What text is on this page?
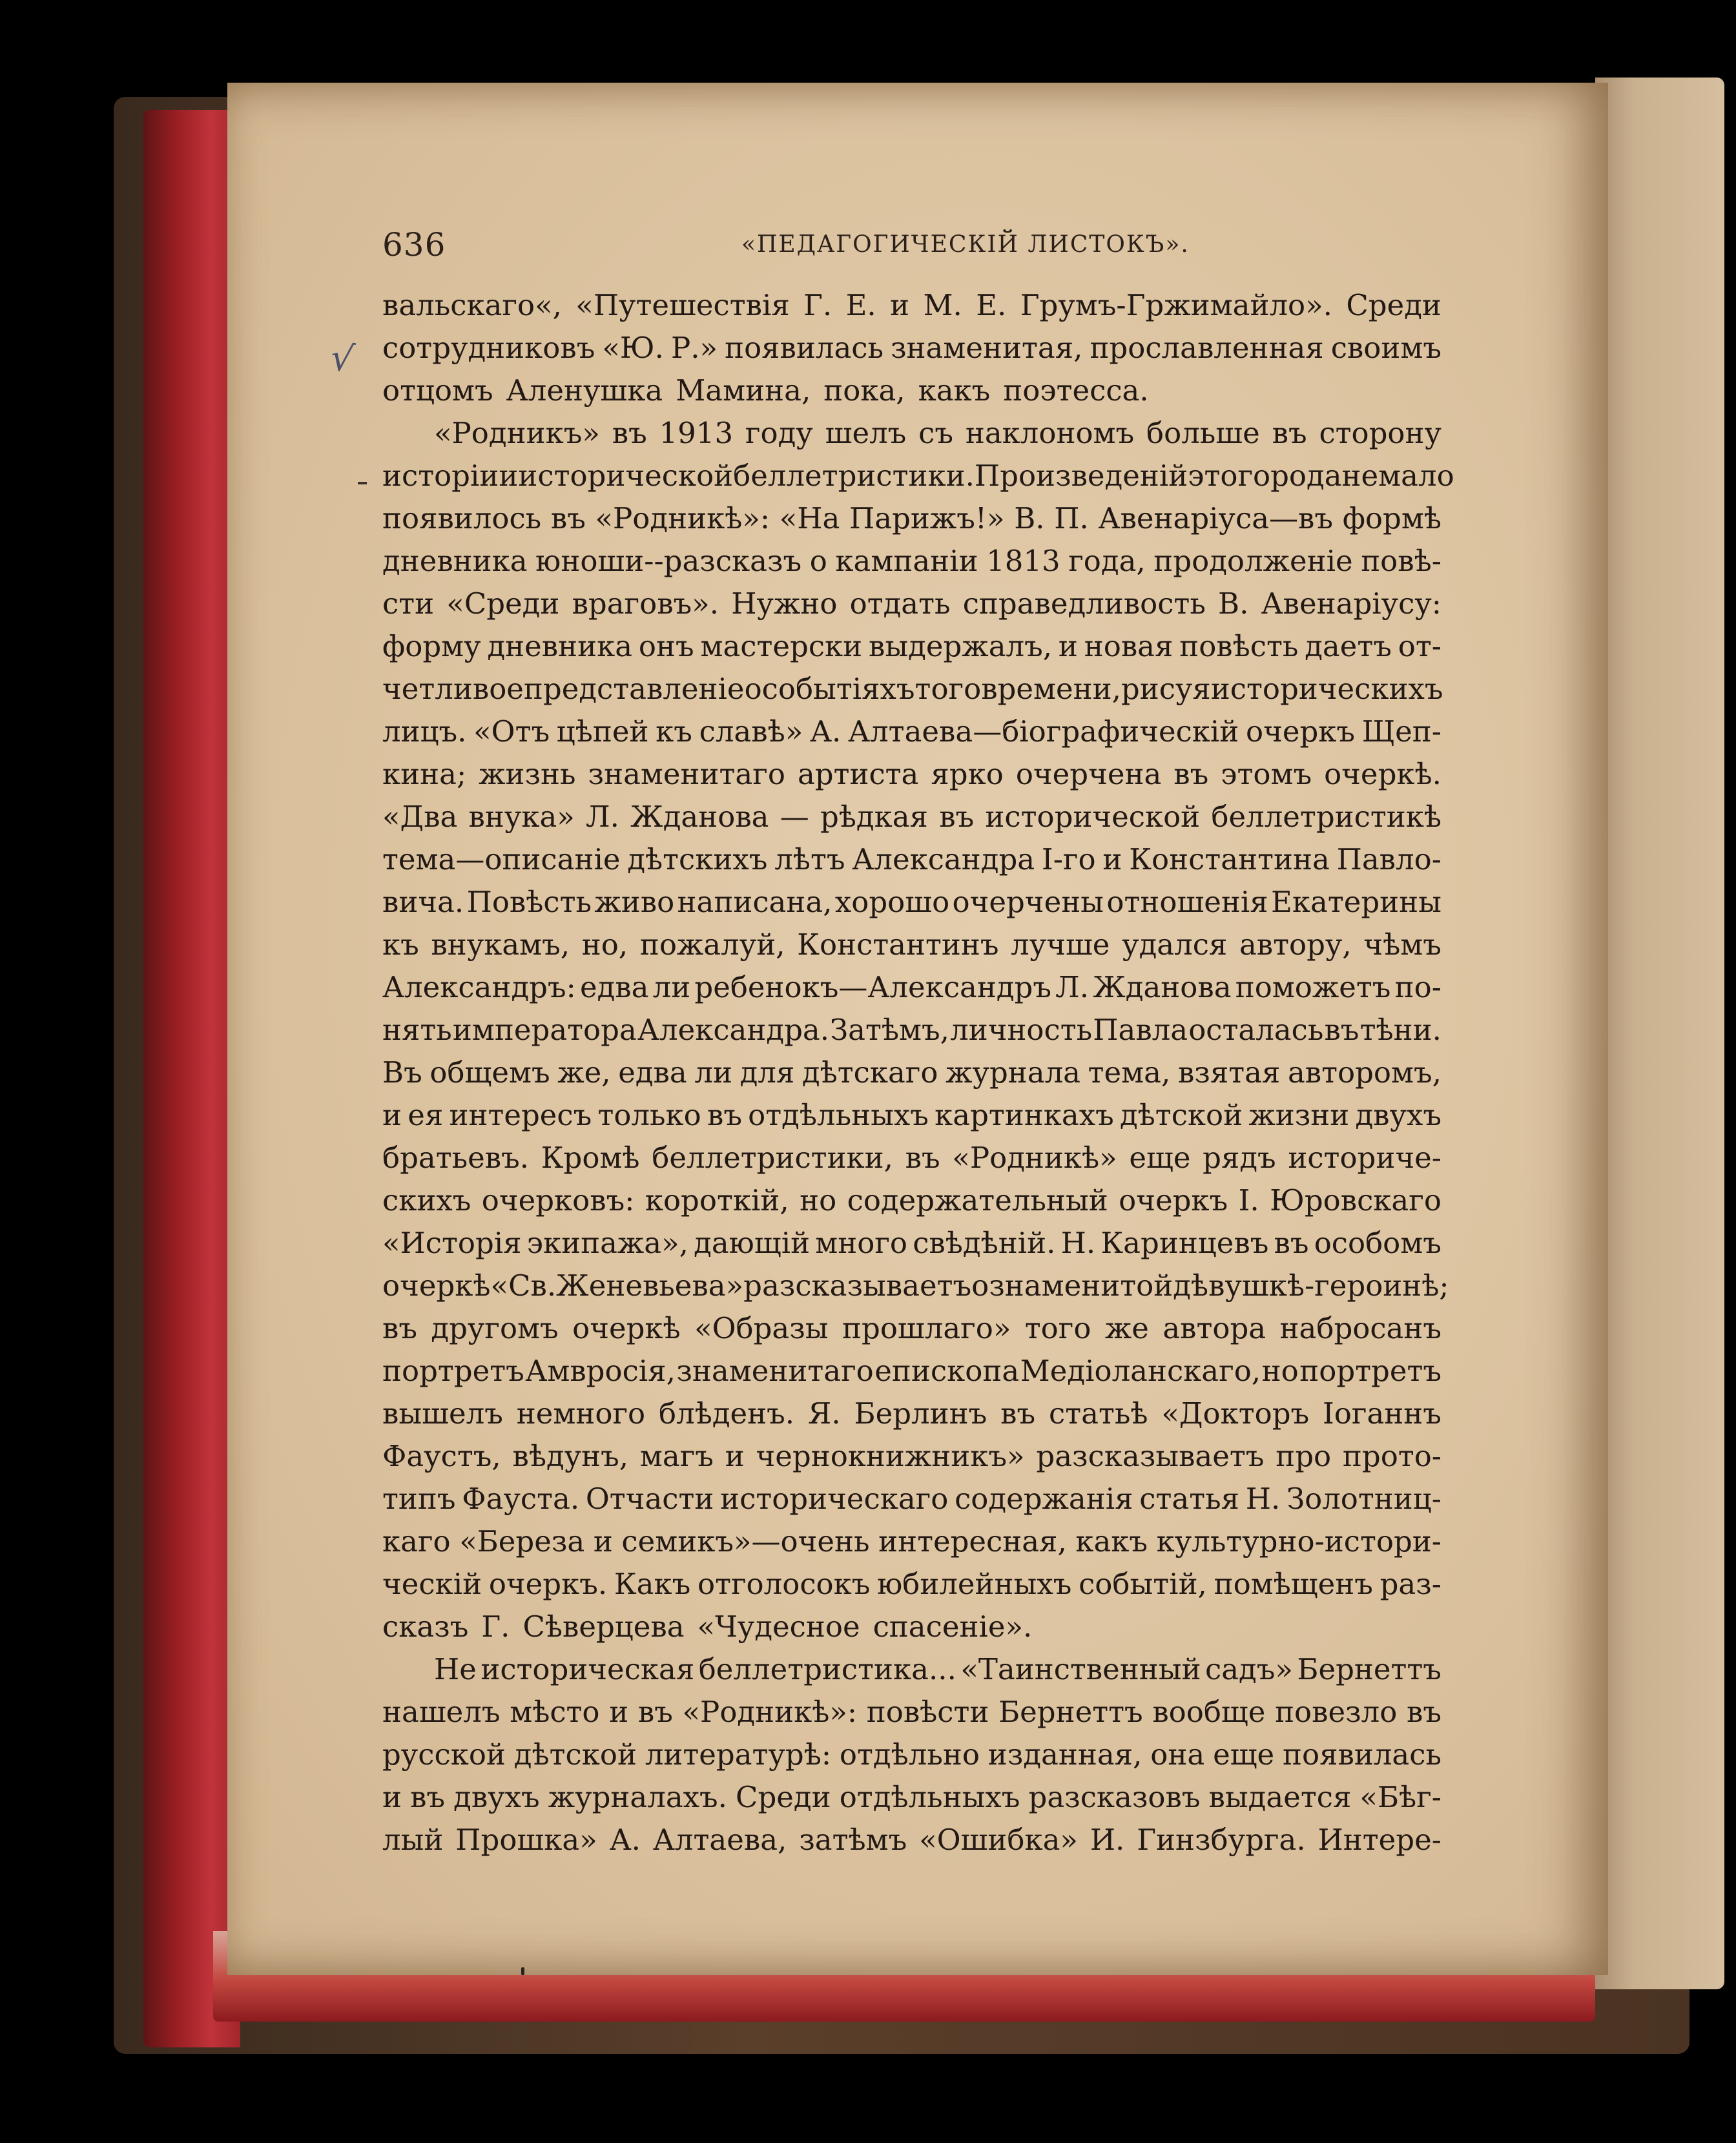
636	«ПЕДАГОГИЧЕСКІЙ ЛИСТОКЪ».
√
вальскаго«, «Путешествія Г. Е. и М. Е. Грумъ-Гржимайло». Среди
сотрудниковъ «Ю. Р.» появилась знаменитая, прославленная своимъ
отцомъ Аленушка Мамина, пока, какъ поэтесса.
«Родникъ» въ 1913 году шелъ съ наклономъ больше въ сторону
исторіи и исторической беллетристики. Произведеній этого рода немало
появилось въ «Родникѣ»: «На Парижъ!» В. П. Авенаріуса—въ формѣ
дневника юноши--разсказъ о кампаніи 1813 года, продолженіе повѣ-
сти «Среди враговъ». Нужно отдать справедливость В. Авенаріусу:
форму дневника онъ мастерски выдержалъ, и новая повѣсть даетъ от-
четливое представленіе о событіяхъ того времени, рисуя историческихъ
лицъ. «Отъ цѣпей къ славѣ» А. Алтаева—біографическій очеркъ Щеп-
кина; жизнь знаменитаго артиста ярко очерчена въ этомъ очеркѣ.
«Два внука» Л. Жданова — рѣдкая въ исторической беллетристикѣ
тема—описаніе дѣтскихъ лѣтъ Александра І-го и Константина Павло-
вича. Повѣсть живо написана, хорошо очерчены отношенія Екатерины
къ внукамъ, но, пожалуй, Константинъ лучше удался автору, чѣмъ
Александръ: едва ли ребенокъ—Александръ Л. Жданова поможетъ по-
нять императора Александра. Затѣмъ, личность Павла осталась въ тѣни.
Въ общемъ же, едва ли для дѣтскаго журнала тема, взятая авторомъ,
и ея интересъ только въ отдѣльныхъ картинкахъ дѣтской жизни двухъ
братьевъ. Кромѣ беллетристики, въ «Родникѣ» еще рядъ историче-
скихъ очерковъ: короткій, но содержательный очеркъ І. Юровскаго
«Исторія экипажа», дающій много свѣдѣній. Н. Каринцевъ въ особомъ
очеркѣ «Св. Женевьева» разсказываетъ о знаменитой дѣвушкѣ-героинѣ;
въ другомъ очеркѣ «Образы прошлаго» того же автора набросанъ
портретъ Амвросія, знаменитаго епископа Медіоланскаго, но портретъ
вышелъ немного блѣденъ. Я. Берлинъ въ статьѣ «Докторъ Іоганнъ
Фаустъ, вѣдунъ, магъ и чернокнижникъ» разсказываетъ про прото-
типъ Фауста. Отчасти историческаго содержанія статья Н. Золотниц-
каго «Береза и семикъ»—очень интересная, какъ культурно-истори-
ческій очеркъ. Какъ отголосокъ юбилейныхъ событій, помѣщенъ раз-
сказъ Г. Сѣверцева «Чудесное спасеніе».
Не историческая беллетристика... «Таинственный садъ» Бернеттъ
нашелъ мѣсто и въ «Родникѣ»: повѣсти Бернеттъ вообще повезло въ
русской дѣтской литературѣ: отдѣльно изданная, она еще появилась
и въ двухъ журналахъ. Среди отдѣльныхъ разсказовъ выдается «Бѣг-
лый Прошка» А. Алтаева, затѣмъ «Ошибка» И. Гинзбурга. Интере-
